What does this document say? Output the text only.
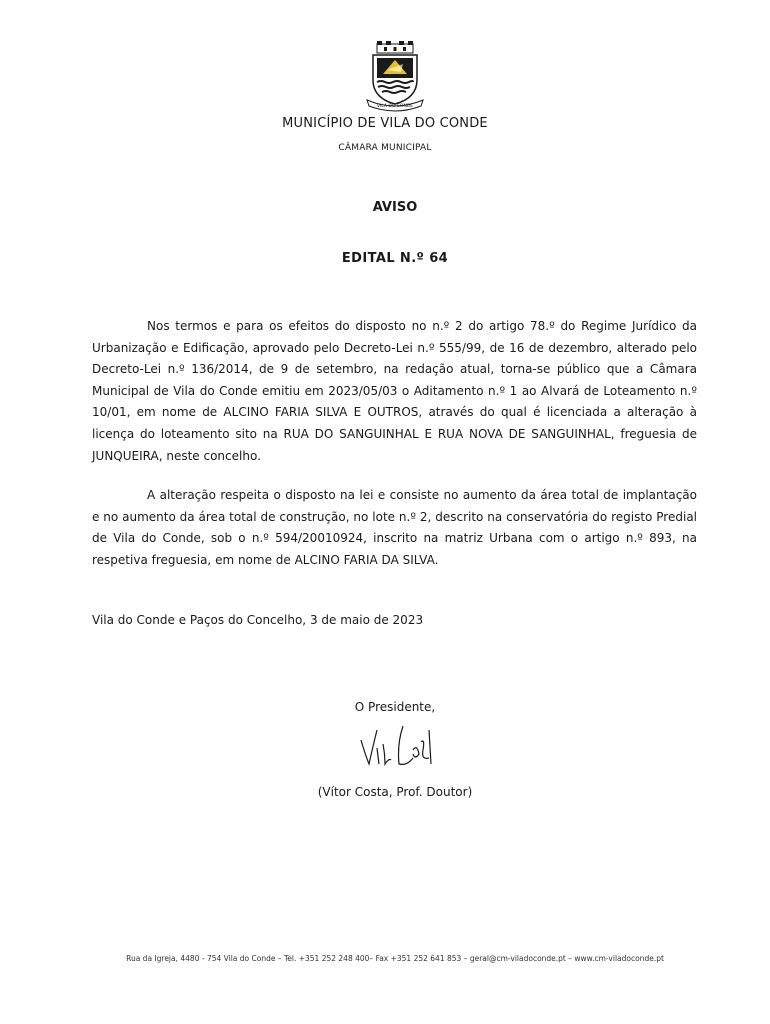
VILA DO CONDE
MUNICÍPIO DE VILA DO CONDE
CÂMARA MUNICIPAL
AVISO
EDITAL N.º 64

Nos termos e para os efeitos do disposto no n.º 2 do artigo 78.º do Regime Jurídico da Urbanização e Edificação, aprovado pelo Decreto-Lei n.º 555/99, de 16 de dezembro, alterado pelo Decreto-Lei n.º 136/2014, de 9 de setembro, na redação atual, torna-se público que a Câmara Municipal de Vila do Conde emitiu em 2023/05/03 o Aditamento n.º 1 ao Alvará de Loteamento n.º 10/01, em nome de ALCINO FARIA SILVA E OUTROS, através do qual é licenciada a alteração à licença do loteamento sito na RUA DO SANGUINHAL E RUA NOVA DE SANGUINHAL, freguesia de JUNQUEIRA, neste concelho.

A alteração respeita o disposto na lei e consiste no aumento da área total de implantação e no aumento da área total de construção, no lote n.º 2, descrito na conservatória do registo Predial de Vila do Conde, sob o n.º 594/20010924, inscrito na matriz Urbana com o artigo n.º 893, na respetiva freguesia, em nome de ALCINO FARIA DA SILVA.

Vila do Conde e Paços do Concelho, 3 de maio de 2023
O Presidente,
(Vítor Costa, Prof. Doutor)
Rua da Igreja, 4480 - 754 Vila do Conde – Tel. +351 252 248 400– Fax +351 252 641 853 – geral@cm-viladoconde.pt – www.cm-viladoconde.pt
